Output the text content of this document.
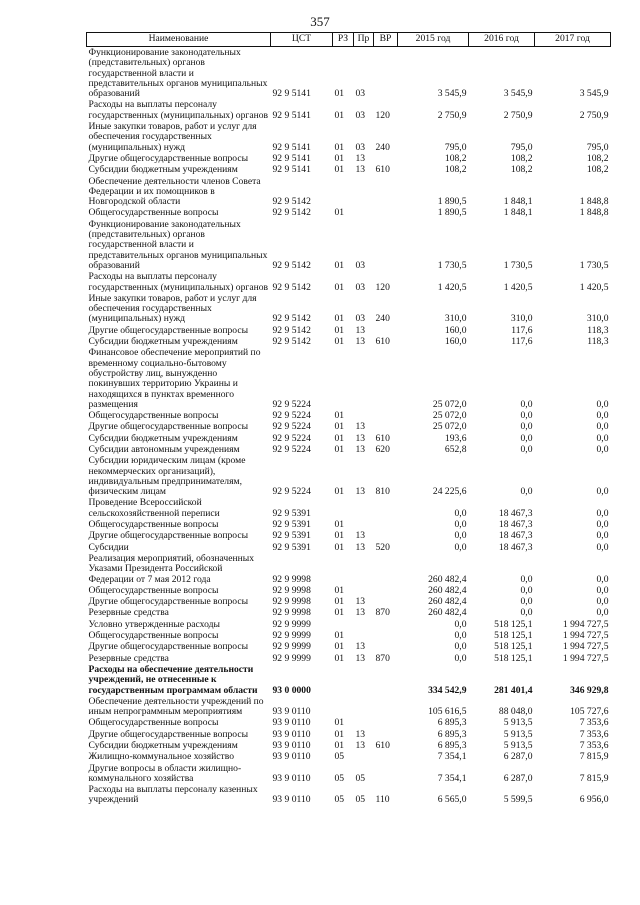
357
Наименование	ЦСТ	РЗ	Пр	ВР	2015 год	2016 год	2017 год
Функционирование законодательных (представительных) органов государственной власти и представительных органов муниципальных образований	92 9 5141	01	03		3 545,9	3 545,9	3 545,9
Расходы на выплаты персоналу государственных (муниципальных) органов	92 9 5141	01	03	120	2 750,9	2 750,9	2 750,9
Иные закупки товаров, работ и услуг для обеспечения государственных (муниципальных) нужд	92 9 5141	01	03	240	795,0	795,0	795,0
Другие общегосударственные вопросы	92 9 5141	01	13		108,2	108,2	108,2
Субсидии бюджетным учреждениям	92 9 5141	01	13	610	108,2	108,2	108,2
Обеспечение деятельности членов Совета Федерации и их помощников в Новгородской области	92 9 5142				1 890,5	1 848,1	1 848,8
Общегосударственные вопросы	92 9 5142	01			1 890,5	1 848,1	1 848,8
Функционирование законодательных (представительных) органов государственной власти и представительных органов муниципальных образований	92 9 5142	01	03		1 730,5	1 730,5	1 730,5
Расходы на выплаты персоналу государственных (муниципальных) органов	92 9 5142	01	03	120	1 420,5	1 420,5	1 420,5
Иные закупки товаров, работ и услуг для обеспечения государственных (муниципальных) нужд	92 9 5142	01	03	240	310,0	310,0	310,0
Другие общегосударственные вопросы	92 9 5142	01	13		160,0	117,6	118,3
Субсидии бюджетным учреждениям	92 9 5142	01	13	610	160,0	117,6	118,3
Финансовое обеспечение мероприятий по временному социально-бытовому обустройству лиц, вынужденно покинувших территорию Украины и находящихся в пунктах временного размещения	92 9 5224				25 072,0	0,0	0,0
Общегосударственные вопросы	92 9 5224	01			25 072,0	0,0	0,0
Другие общегосударственные вопросы	92 9 5224	01	13		25 072,0	0,0	0,0
Субсидии бюджетным учреждениям	92 9 5224	01	13	610	193,6	0,0	0,0
Субсидии автономным учреждениям	92 9 5224	01	13	620	652,8	0,0	0,0
Субсидии юридическим лицам (кроме некоммерческих организаций), индивидуальным предпринимателям, физическим лицам	92 9 5224	01	13	810	24 225,6	0,0	0,0
Проведение Всероссийской сельскохозяйственной переписи	92 9 5391				0,0	18 467,3	0,0
Общегосударственные вопросы	92 9 5391	01			0,0	18 467,3	0,0
Другие общегосударственные вопросы	92 9 5391	01	13		0,0	18 467,3	0,0
Субсидии	92 9 5391	01	13	520	0,0	18 467,3	0,0
Реализация мероприятий, обозначенных Указами Президента Российской Федерации от 7 мая 2012 года	92 9 9998				260 482,4	0,0	0,0
Общегосударственные вопросы	92 9 9998	01			260 482,4	0,0	0,0
Другие общегосударственные вопросы	92 9 9998	01	13		260 482,4	0,0	0,0
Резервные средства	92 9 9998	01	13	870	260 482,4	0,0	0,0
Условно утвержденные расходы	92 9 9999				0,0	518 125,1	1 994 727,5
Общегосударственные вопросы	92 9 9999	01			0,0	518 125,1	1 994 727,5
Другие общегосударственные вопросы	92 9 9999	01	13		0,0	518 125,1	1 994 727,5
Резервные средства	92 9 9999	01	13	870	0,0	518 125,1	1 994 727,5
Расходы на обеспечение деятельности учреждений, не отнесенные к государственным программам области	93 0 0000				334 542,9	281 401,4	346 929,8
Обеспечение деятельности учреждений по иным непрограммным мероприятиям	93 9 0110				105 616,5	88 048,0	105 727,6
Общегосударственные вопросы	93 9 0110	01			6 895,3	5 913,5	7 353,6
Другие общегосударственные вопросы	93 9 0110	01	13		6 895,3	5 913,5	7 353,6
Субсидии бюджетным учреждениям	93 9 0110	01	13	610	6 895,3	5 913,5	7 353,6
Жилищно-коммунальное хозяйство	93 9 0110	05			7 354,1	6 287,0	7 815,9
Другие вопросы в области жилищно-коммунального хозяйства	93 9 0110	05	05		7 354,1	6 287,0	7 815,9
Расходы на выплаты персоналу казенных учреждений	93 9 0110	05	05	110	6 565,0	5 599,5	6 956,0
